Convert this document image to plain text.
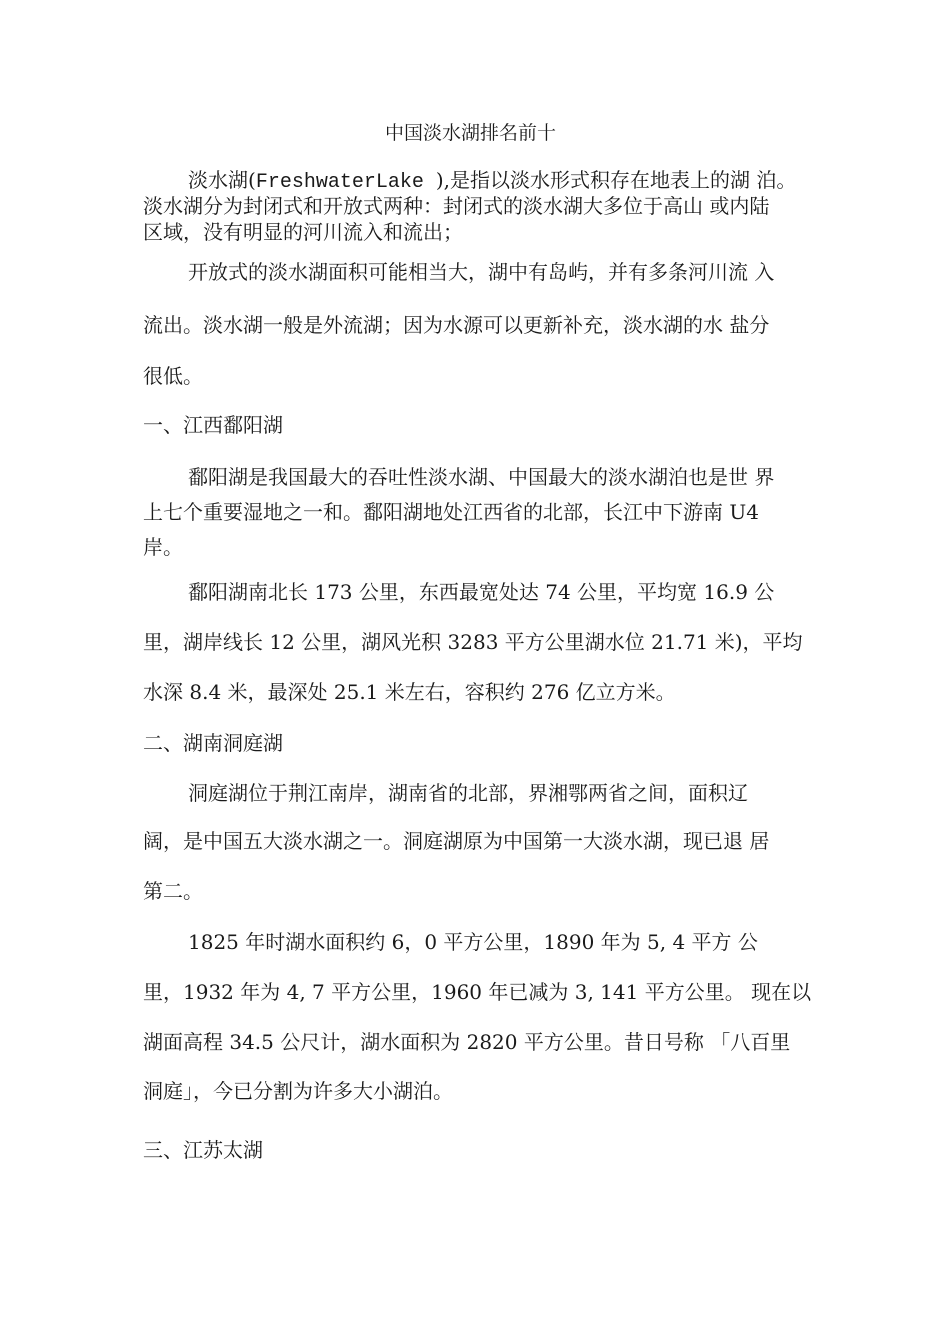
中国淡水湖排名前十
淡水湖(FreshwaterLake ),是指以淡水形式积存在地表上的湖 泊。
淡水湖分为封闭式和开放式两种：封闭式的淡水湖大多位于高山 或内陆
区域，没有明显的河川流入和流出；
开放式的淡水湖面积可能相当大，湖中有岛屿，并有多条河川流 入
流出。淡水湖一般是外流湖；因为水源可以更新补充，淡水湖的水 盐分
很低。
一、江西鄱阳湖
鄱阳湖是我国最大的吞吐性淡水湖、中国最大的淡水湖泊也是世 界
上七个重要湿地之一和。鄱阳湖地处江西省的北部，长江中下游南 U4
岸。
鄱阳湖南北长 173 公里，东西最宽处达 74 公里，平均宽 16.9 公
里，湖岸线长 12 公里，湖风光积 3283 平方公里湖水位 21.71 米)，平均
水深 8.4 米，最深处 25.1 米左右，容积约 276 亿立方米。
二、湖南洞庭湖
洞庭湖位于荆江南岸，湖南省的北部，界湘鄂两省之间，面积辽
阔，是中国五大淡水湖之一。洞庭湖原为中国第一大淡水湖，现已退 居
第二。
1825 年时湖水面积约 6，0 平方公里，1890 年为 5, 4 平方 公
里，1932 年为 4, 7 平方公里，1960 年已减为 3, 141 平方公里。 现在以
湖面高程 34.5 公尺计，湖水面积为 2820 平方公里。昔日号称 「八百里
洞庭」，今已分割为许多大小湖泊。
三、江苏太湖
